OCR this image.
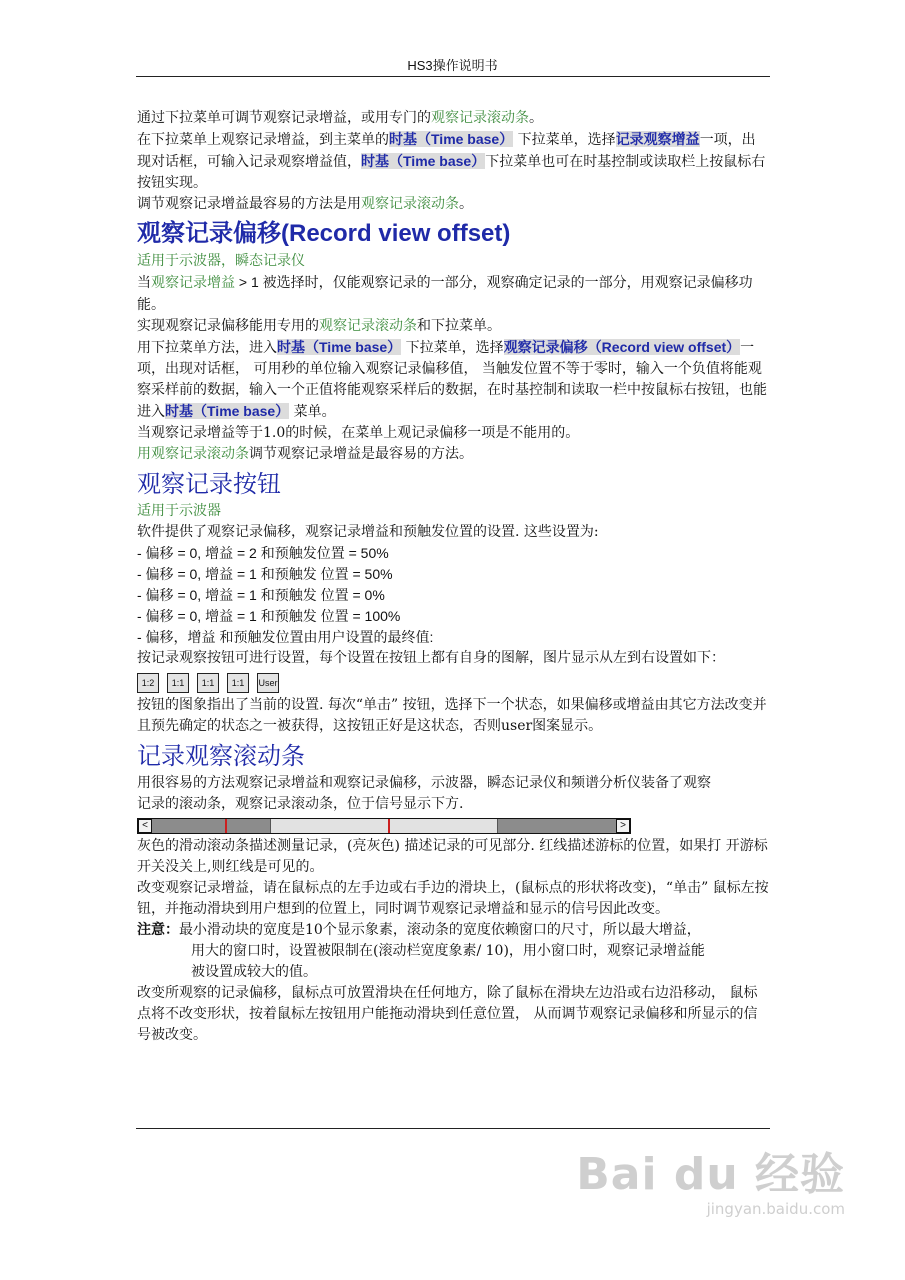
HS3操作说明书

通过下拉菜单可调节观察记录增益，或用专门的观察记录滚动条。

在下拉菜单上观察记录增益，到主菜单的时基（Time base） 下拉菜单，选择记录观察增益一项，出现对话框，可输入记录观察增益值，时基（Time base）下拉菜单也可在时基控制或读取栏上按鼠标右按钮实现。

调节观察记录增益最容易的方法是用观察记录滚动条。

观察记录偏移(Record view offset)

适用于示波器，瞬态记录仪

当观察记录增益 > 1 被选择时，仅能观察记录的一部分，观察确定记录的一部分，用观察记录偏移功能。

实现观察记录偏移能用专用的观察记录滚动条和下拉菜单。

用下拉菜单方法，进入时基（Time base） 下拉菜单，选择观察记录偏移（Record view offset）一项，出现对话框， 可用秒的单位输入观察记录偏移值， 当触发位置不等于零时，输入一个负值将能观察采样前的数据，输入一个正值将能观察采样后的数据，在时基控制和读取一栏中按鼠标右按钮，也能进入时基（Time base） 菜单。

当观察记录增益等于1.0的时候，在菜单上观记录偏移一项是不能用的。

用观察记录滚动条调节观察记录增益是最容易的方法。

观察记录按钮

适用于示波器

软件提供了观察记录偏移，观察记录增益和预触发位置的设置. 这些设置为:

- 偏移 = 0, 增益 = 2 和预触发位置 = 50%

- 偏移 = 0, 增益 = 1 和预触发 位置 = 50%

- 偏移 = 0, 增益 = 1 和预触发 位置 = 0%

- 偏移 = 0, 增益 = 1 和预触发 位置 = 100%

- 偏移，增益 和预触发位置由用户设置的最终值:

按记录观察按钮可进行设置，每个设置在按钮上都有自身的图解，图片显示从左到右设置如下：

1:2	1:1	1:1	1:1	User

按钮的图象指出了当前的设置. 每次“单击” 按钮，选择下一个状态，如果偏移或增益由其它方法改变并且预先确定的状态之一被获得，这按钮正好是这状态，否则user图案显示。

记录观察滚动条

用很容易的方法观察记录增益和观察记录偏移，示波器，瞬态记录仪和频谱分析仪装备了观察

记录的滚动条，观察记录滚动条，位于信号显示下方.

<	>

灰色的滑动滚动条描述测量记录，(亮灰色) 描述记录的可见部分. 红线描述游标的位置，如果打 开游标开关没关上,则红线是可见的。

改变观察记录增益，请在鼠标点的左手边或右手边的滑块上，(鼠标点的形状将改变)，“单击” 鼠标左按钮，并拖动滑块到用户想到的位置上，同时调节观察记录增益和显示的信号因此改变。

注意： 最小滑动块的宽度是10个显示象素，滚动条的宽度依赖窗口的尺寸，所以最大增益，

用大的窗口时，设置被限制在(滚动栏宽度象素/ 10)，用小窗口时，观察记录增益能

被设置成较大的值。

改变所观察的记录偏移，鼠标点可放置滑块在任何地方，除了鼠标在滑块左边沿或右边沿移动， 鼠标点将不改变形状，按着鼠标左按钮用户能拖动滑块到任意位置， 从而调节观察记录偏移和所显示的信号被改变。

Bai du 经验
jingyan.baidu.com
